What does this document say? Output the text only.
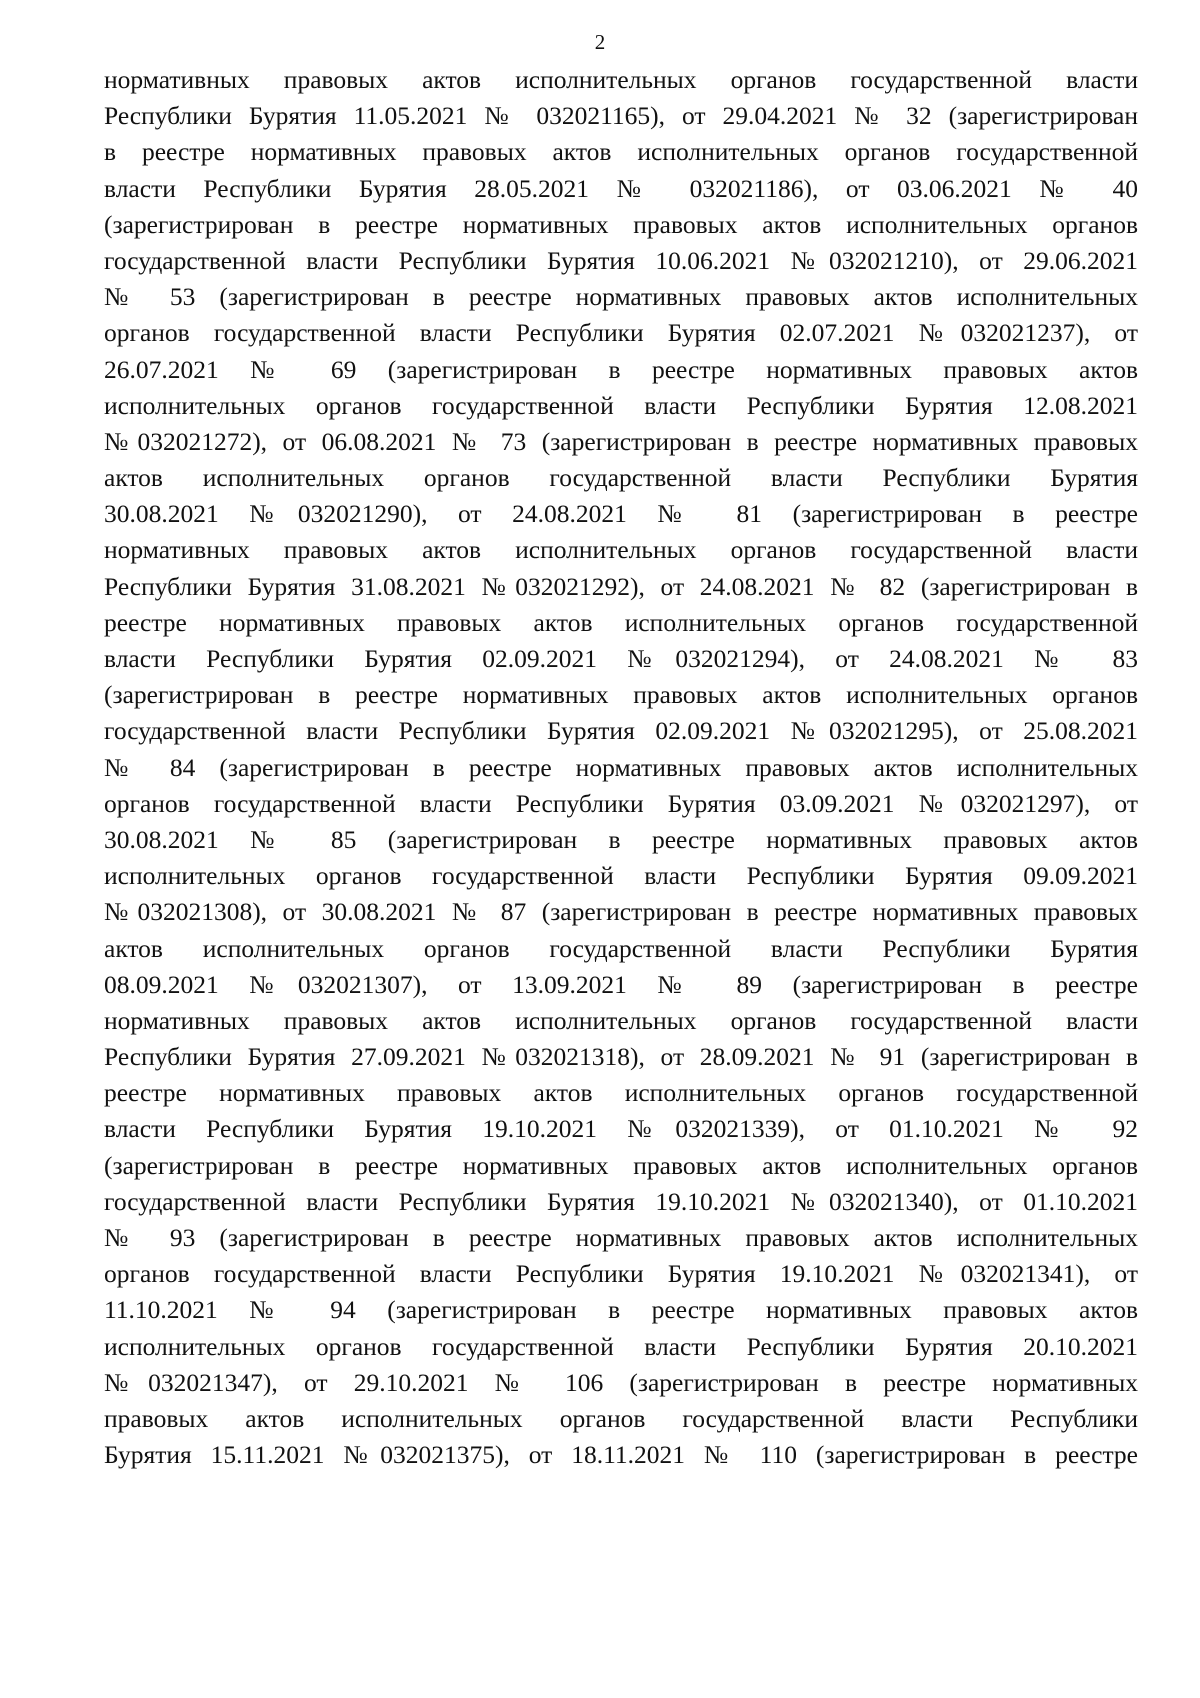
2
нормативных правовых актов исполнительных органов государственной власти
Республики Бурятия 11.05.2021 № 032021165), от 29.04.2021 № 32 (зарегистрирован
в реестре нормативных правовых актов исполнительных органов государственной
власти Республики Бурятия 28.05.2021 № 032021186), от 03.06.2021 № 40
(зарегистрирован в реестре нормативных правовых актов исполнительных органов
государственной власти Республики Бурятия 10.06.2021 №032021210), от 29.06.2021
№ 53 (зарегистрирован в реестре нормативных правовых актов исполнительных
органов государственной власти Республики Бурятия 02.07.2021 №032021237), от
26.07.2021 № 69 (зарегистрирован в реестре нормативных правовых актов
исполнительных органов государственной власти Республики Бурятия 12.08.2021
№032021272), от 06.08.2021 № 73 (зарегистрирован в реестре нормативных правовых
актов исполнительных органов государственной власти Республики Бурятия
30.08.2021 №032021290), от 24.08.2021 № 81 (зарегистрирован в реестре
нормативных правовых актов исполнительных органов государственной власти
Республики Бурятия 31.08.2021 №032021292), от 24.08.2021 № 82 (зарегистрирован в
реестре нормативных правовых актов исполнительных органов государственной
власти Республики Бурятия 02.09.2021 №032021294), от 24.08.2021 № 83
(зарегистрирован в реестре нормативных правовых актов исполнительных органов
государственной власти Республики Бурятия 02.09.2021 №032021295), от 25.08.2021
№ 84 (зарегистрирован в реестре нормативных правовых актов исполнительных
органов государственной власти Республики Бурятия 03.09.2021 №032021297), от
30.08.2021 № 85 (зарегистрирован в реестре нормативных правовых актов
исполнительных органов государственной власти Республики Бурятия 09.09.2021
№032021308), от 30.08.2021 № 87 (зарегистрирован в реестре нормативных правовых
актов исполнительных органов государственной власти Республики Бурятия
08.09.2021 №032021307), от 13.09.2021 № 89 (зарегистрирован в реестре
нормативных правовых актов исполнительных органов государственной власти
Республики Бурятия 27.09.2021 №032021318), от 28.09.2021 № 91 (зарегистрирован в
реестре нормативных правовых актов исполнительных органов государственной
власти Республики Бурятия 19.10.2021 №032021339), от 01.10.2021 № 92
(зарегистрирован в реестре нормативных правовых актов исполнительных органов
государственной власти Республики Бурятия 19.10.2021 №032021340), от 01.10.2021
№ 93 (зарегистрирован в реестре нормативных правовых актов исполнительных
органов государственной власти Республики Бурятия 19.10.2021 №032021341), от
11.10.2021 № 94 (зарегистрирован в реестре нормативных правовых актов
исполнительных органов государственной власти Республики Бурятия 20.10.2021
№032021347), от 29.10.2021 № 106 (зарегистрирован в реестре нормативных
правовых актов исполнительных органов государственной власти Республики
Бурятия 15.11.2021 №032021375), от 18.11.2021 № 110 (зарегистрирован в реестре
